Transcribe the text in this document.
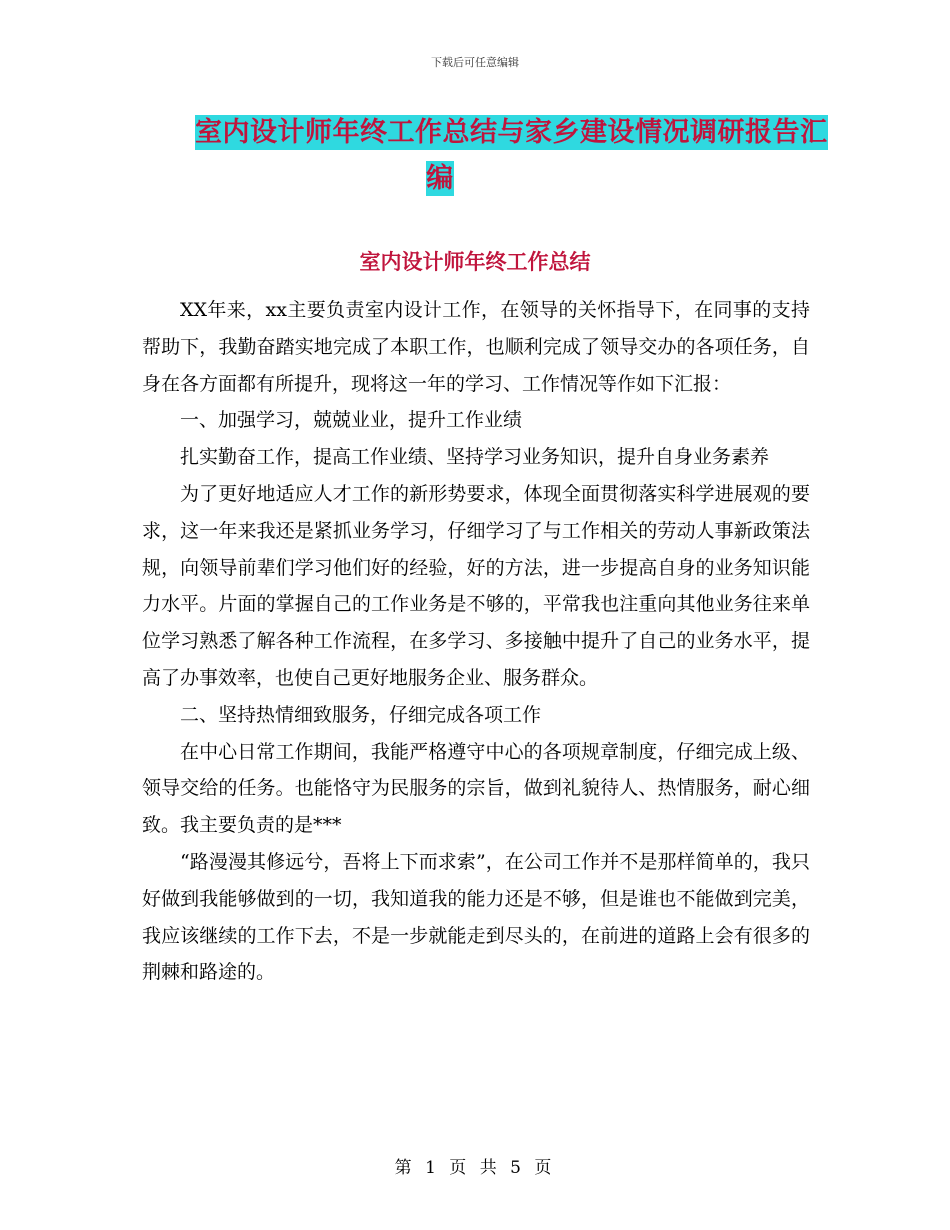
下载后可任意编辑
室内设计师年终工作总结与家乡建设情况调研报告汇
编
室内设计师年终工作总结

XX年来，xx主要负责室内设计工作，在领导的关怀指导下，在同事的支持帮助下，我勤奋踏实地完成了本职工作，也顺利完成了领导交办的各项任务，自身在各方面都有所提升，现将这一年的学习、工作情况等作如下汇报：

一、加强学习，兢兢业业，提升工作业绩

扎实勤奋工作，提高工作业绩、坚持学习业务知识，提升自身业务素养

为了更好地适应人才工作的新形势要求，体现全面贯彻落实科学进展观的要求，这一年来我还是紧抓业务学习，仔细学习了与工作相关的劳动人事新政策法规，向领导前辈们学习他们好的经验，好的方法，进一步提高自身的业务知识能力水平。片面的掌握自己的工作业务是不够的，平常我也注重向其他业务往来单位学习熟悉了解各种工作流程，在多学习、多接触中提升了自己的业务水平，提高了办事效率，也使自己更好地服务企业、服务群众。

二、坚持热情细致服务，仔细完成各项工作

在中心日常工作期间，我能严格遵守中心的各项规章制度，仔细完成上级、领导交给的任务。也能恪守为民服务的宗旨，做到礼貌待人、热情服务，耐心细致。我主要负责的是***

“路漫漫其修远兮，吾将上下而求索”，在公司工作并不是那样简单的，我只好做到我能够做到的一切，我知道我的能力还是不够，但是谁也不能做到完美，我应该继续的工作下去，不是一步就能走到尽头的，在前进的道路上会有很多的荆棘和路途的。

第 1 页 共 5 页
